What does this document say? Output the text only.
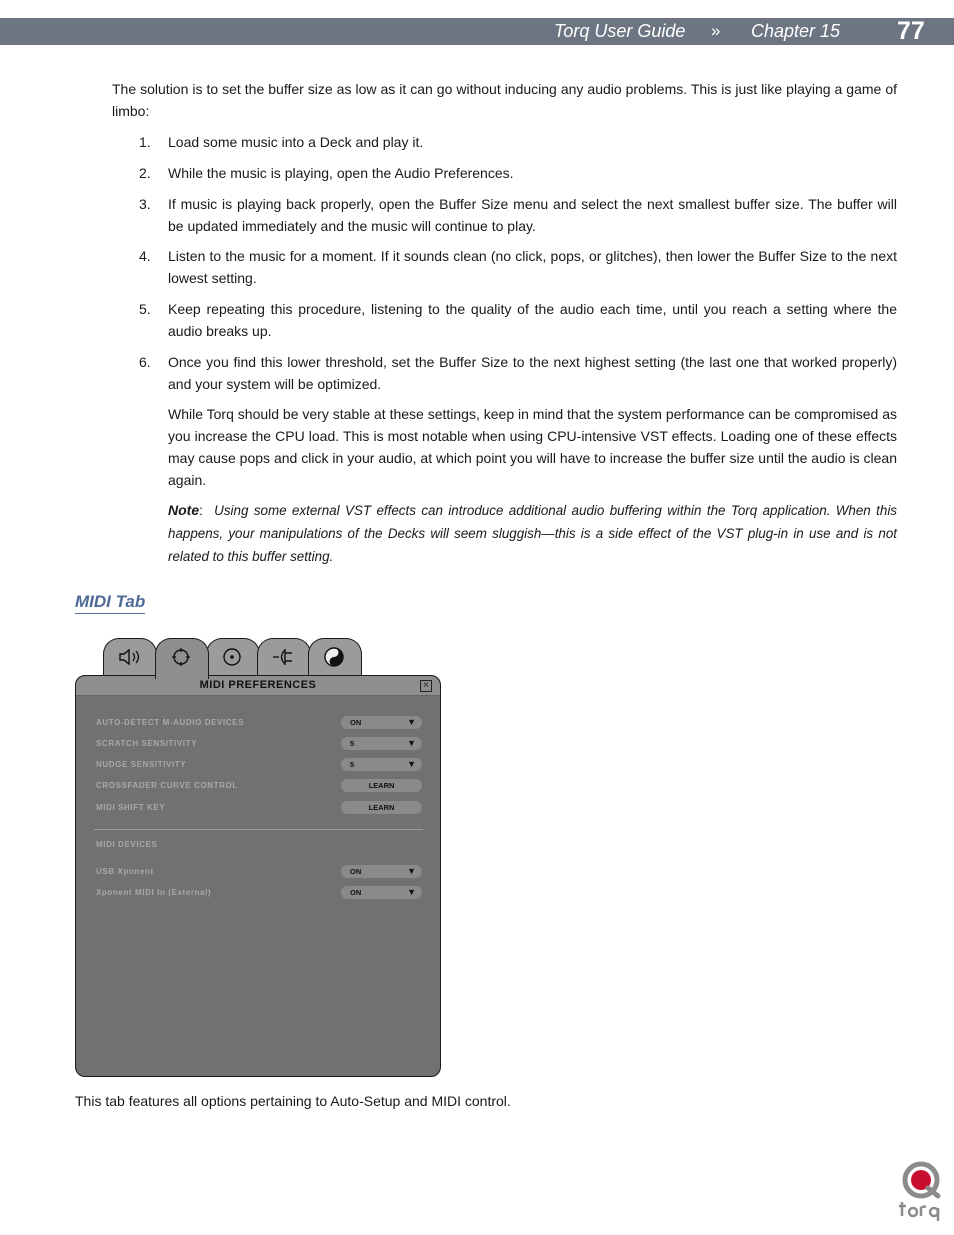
Torq User Guide » Chapter 15 77

The solution is to set the buffer size as low as it can go without inducing any audio problems. This is just like playing a game of limbo:

1. Load some music into a Deck and play it.

2. While the music is playing, open the Audio Preferences.

3. If music is playing back properly, open the Buffer Size menu and select the next smallest buffer size. The buffer will be updated immediately and the music will continue to play.

4. Listen to the music for a moment. If it sounds clean (no click, pops, or glitches), then lower the Buffer Size to the next lowest setting.

5. Keep repeating this procedure, listening to the quality of the audio each time, until you reach a setting where the audio breaks up.

6. Once you find this lower threshold, set the Buffer Size to the next highest setting (the last one that worked properly) and your system will be optimized.

While Torq should be very stable at these settings, keep in mind that the system performance can be compromised as you increase the CPU load. This is most notable when using CPU-intensive VST effects. Loading one of these effects may cause pops and click in your audio, at which point you will have to increase the buffer size until the audio is clean again.

Note:  Using some external VST effects can introduce additional audio buffering within the Torq application. When this happens, your manipulations of the Decks will seem sluggish—this is a side effect of the VST plug-in in use and is not related to this buffer setting.

MIDI Tab
MIDI PREFERENCES	×
AUTO-DETECT M-AUDIO DEVICES	ON	▼
SCRATCH SENSITIVITY	5	▼
NUDGE SENSITIVITY	5	▼
CROSSFADER CURVE CONTROL	LEARN
MIDI SHIFT KEY	LEARN
MIDI DEVICES
USB Xponent	ON	▼
Xponent MIDI In (External)	ON	▼

This tab features all options pertaining to Auto-Setup and MIDI control.
